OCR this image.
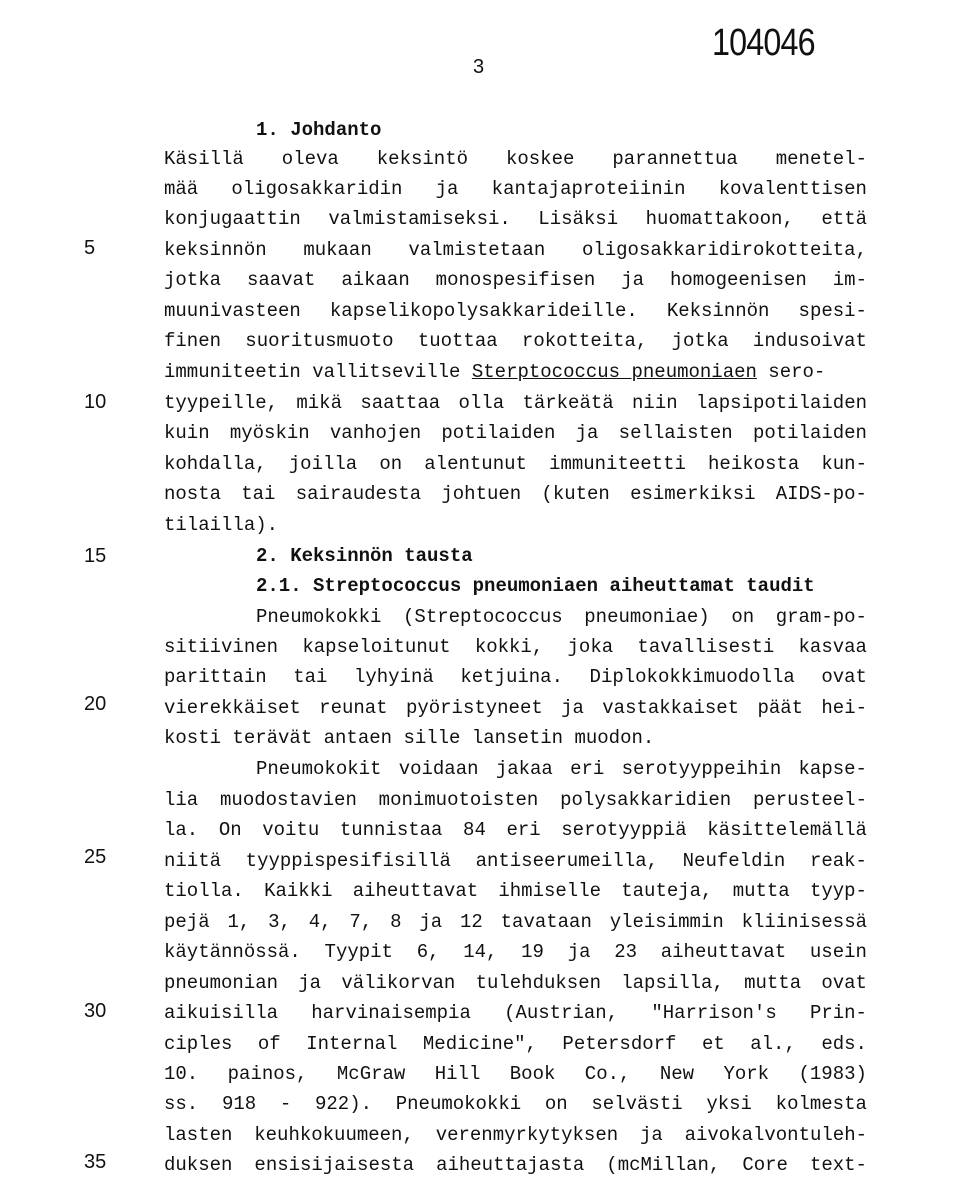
104046
3
5
10
15
20
25
30
35
1. Johdanto
Käsillä oleva keksintö koskee parannettua menetel-
mää oligosakkaridin ja kantajaproteiinin kovalenttisen
konjugaattin valmistamiseksi. Lisäksi huomattakoon, että
keksinnön mukaan valmistetaan oligosakkaridirokotteita,
jotka saavat aikaan monospesifisen ja homogeenisen im-
muunivasteen kapselikopolysakkarideille. Keksinnön spesi-
finen suoritusmuoto tuottaa rokotteita, jotka indusoivat
immuniteetin vallitseville Sterptococcus pneumoniaen sero-
tyypeille, mikä saattaa olla tärkeätä niin lapsipotilaiden
kuin myöskin vanhojen potilaiden ja sellaisten potilaiden
kohdalla, joilla on alentunut immuniteetti heikosta kun-
nosta tai sairaudesta johtuen (kuten esimerkiksi AIDS-po-
tilailla).
2. Keksinnön tausta
2.1. Streptococcus pneumoniaen aiheuttamat taudit
Pneumokokki (Streptococcus pneumoniae) on gram-po-
sitiivinen kapseloitunut kokki, joka tavallisesti kasvaa
parittain tai lyhyinä ketjuina. Diplokokkimuodolla ovat
vierekkäiset reunat pyöristyneet ja vastakkaiset päät hei-
kosti terävät antaen sille lansetin muodon.
Pneumokokit voidaan jakaa eri serotyyppeihin kapse-
lia muodostavien monimuotoisten polysakkaridien perusteel-
la. On voitu tunnistaa 84 eri serotyyppiä käsittelemällä
niitä tyyppispesifisillä antiseerumeilla, Neufeldin reak-
tiolla. Kaikki aiheuttavat ihmiselle tauteja, mutta tyyp-
pejä 1, 3, 4, 7, 8 ja 12 tavataan yleisimmin kliinisessä
käytännössä. Tyypit 6, 14, 19 ja 23 aiheuttavat usein
pneumonian ja välikorvan tulehduksen lapsilla, mutta ovat
aikuisilla harvinaisempia (Austrian, "Harrison's Prin-
ciples of Internal Medicine", Petersdorf et al., eds.
10. painos, McGraw Hill Book Co., New York (1983)
ss. 918 - 922). Pneumokokki on selvästi yksi kolmesta
lasten keuhkokuumeen, verenmyrkytyksen ja aivokalvontuleh-
duksen ensisijaisesta aiheuttajasta (mcMillan, Core text-
